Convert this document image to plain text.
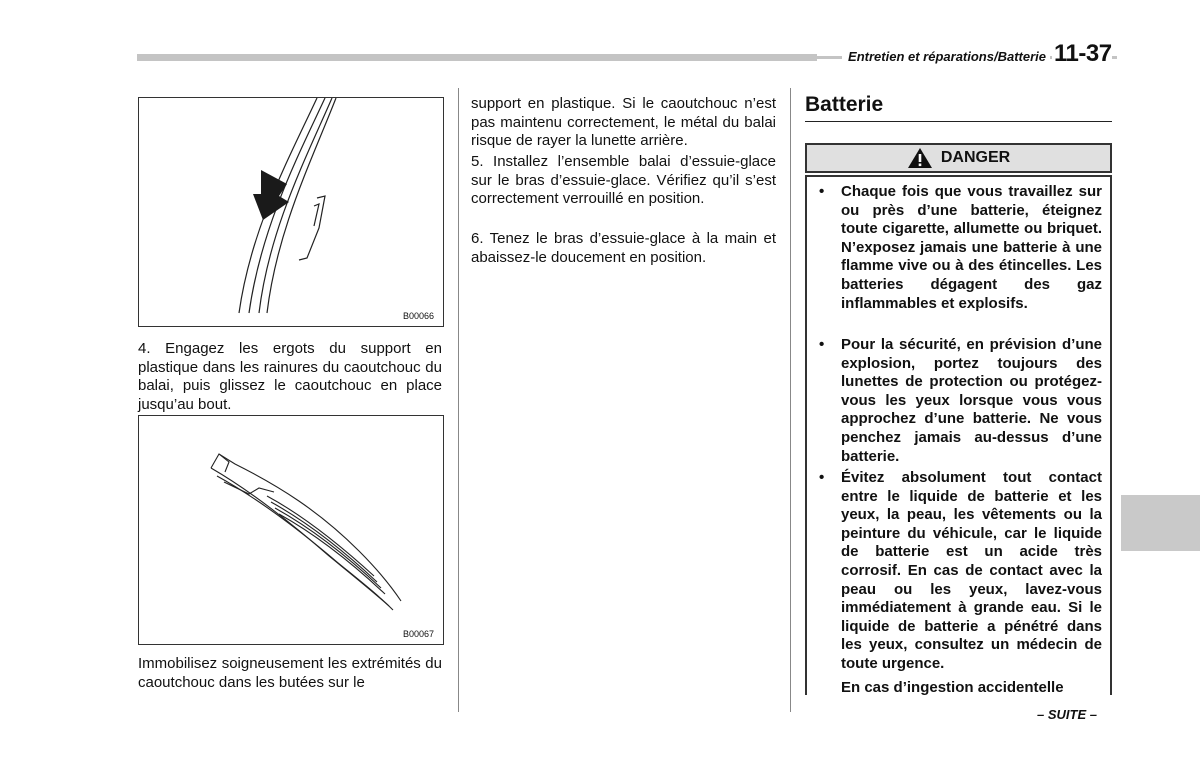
Entretien et réparations/Batterie 11-37
B00066
4. Engagez les ergots du support en plastique dans les rainures du caoutchouc du balai, puis glissez le caoutchouc en place jusqu’au bout.
B00067
Immobilisez soigneusement les extrémités du caoutchouc dans les butées sur le
support en plastique. Si le caoutchouc n’est pas maintenu correctement, le métal du balai risque de rayer la lunette arrière.
5. Installez l’ensemble balai d’essuie-glace sur le bras d’essuie-glace. Vérifiez qu’il s’est correctement verrouillé en position.
6. Tenez le bras d’essuie-glace à la main et abaissez-le doucement en position.
Batterie
DANGER
• Chaque fois que vous travaillez sur ou près d’une batterie, éteignez toute cigarette, allumette ou briquet. N’exposez jamais une batterie à une flamme vive ou à des étincelles. Les batteries dégagent des gaz inflammables et explosifs.
• Pour la sécurité, en prévision d’une explosion, portez toujours des lunettes de protection ou protégez-vous les yeux lorsque vous vous approchez d’une batterie. Ne vous penchez jamais au-dessus d’une batterie.
• Évitez absolument tout contact entre le liquide de batterie et les yeux, la peau, les vêtements ou la peinture du véhicule, car le liquide de batterie est un acide très corrosif. En cas de contact avec la peau ou les yeux, lavez-vous immédiatement à grande eau. Si le liquide de batterie a pénétré dans les yeux, consultez un médecin de toute urgence.
En cas d’ingestion accidentelle
– SUITE –
